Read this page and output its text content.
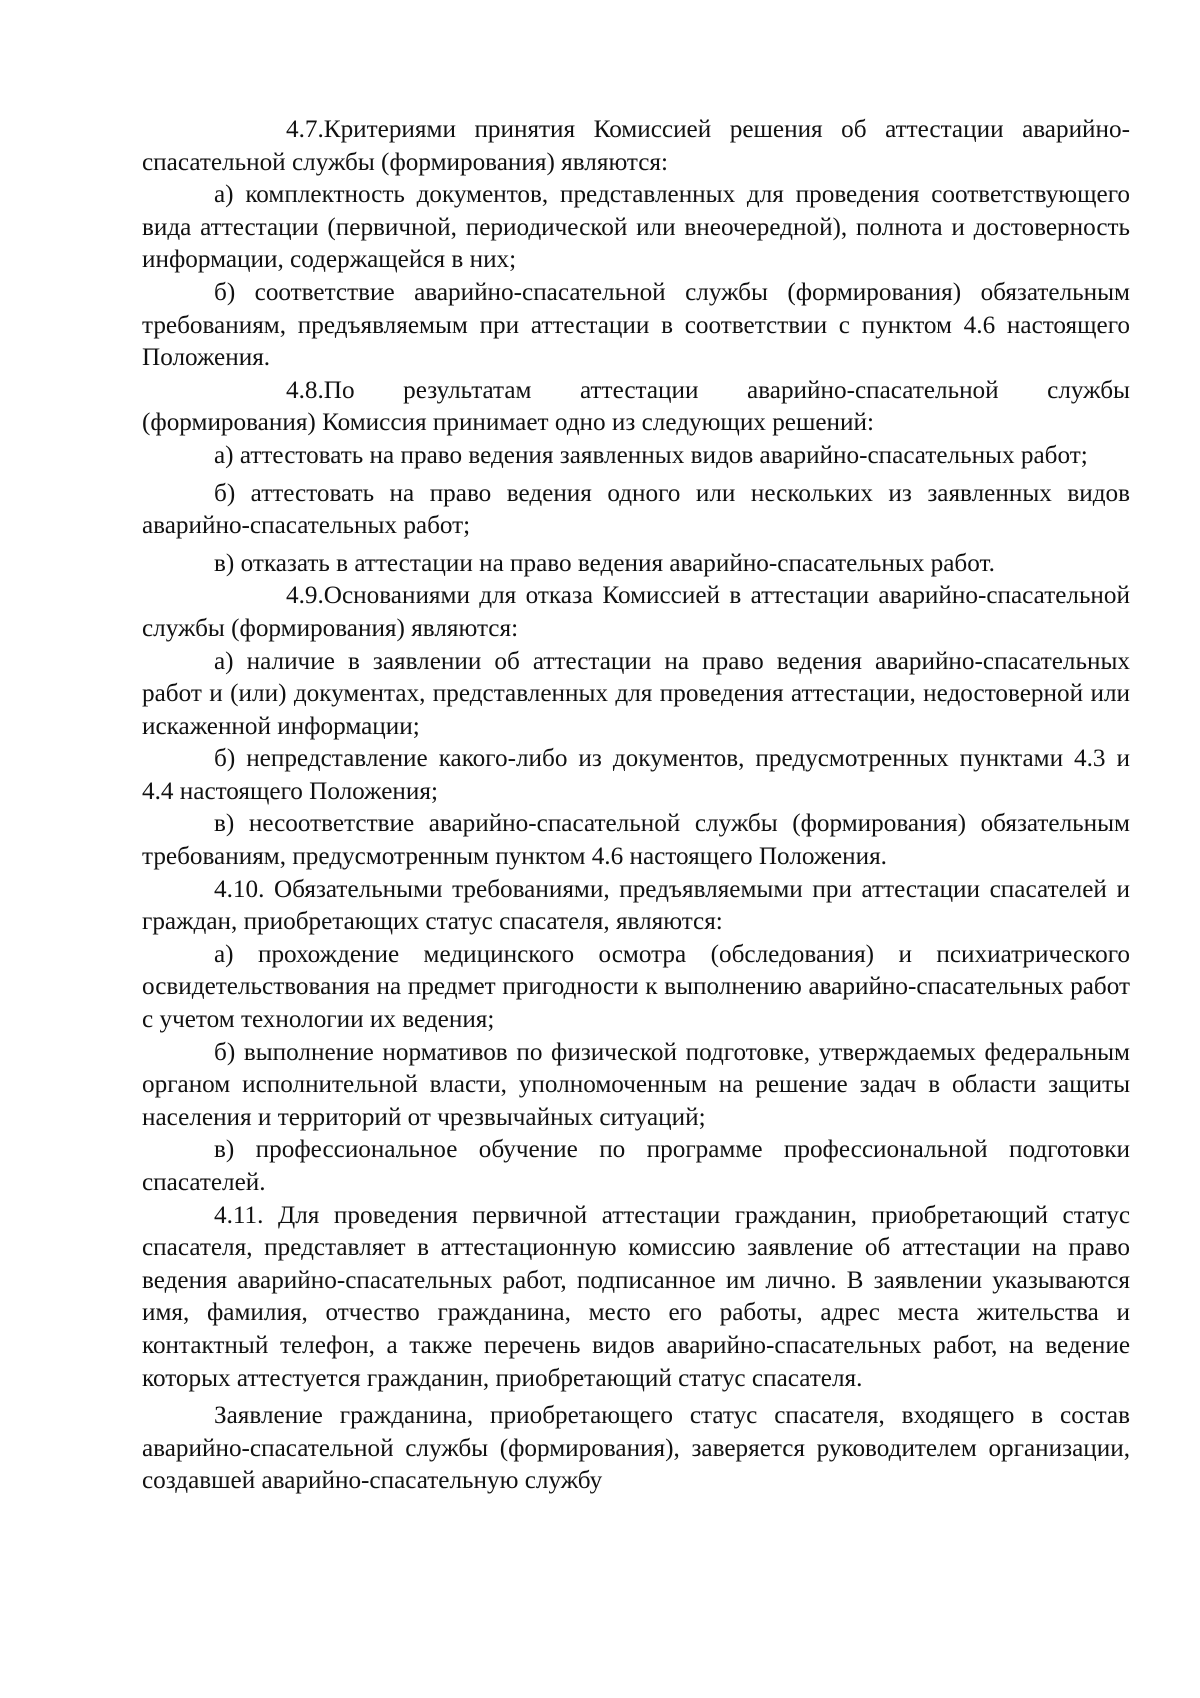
4.7.Критериями принятия Комиссией решения об аттестации аварийно-спасательной службы (формирования) являются:

а) комплектность документов, представленных для проведения соответствующего вида аттестации (первичной, периодической или внеочередной), полнота и достоверность информации, содержащейся в них;

б) соответствие аварийно-спасательной службы (формирования) обязательным требованиям, предъявляемым при аттестации в соответствии с пунктом 4.6 настоящего Положения.

4.8.По результатам аттестации аварийно-спасательной службы (формирования) Комиссия принимает одно из следующих решений:

а) аттестовать на право ведения заявленных видов аварийно-спасательных работ;

б) аттестовать на право ведения одного или нескольких из заявленных видов аварийно-спасательных работ;

в) отказать в аттестации на право ведения аварийно-спасательных работ.

4.9.Основаниями для отказа Комиссией в аттестации аварийно-спасательной службы (формирования) являются:

а) наличие в заявлении об аттестации на право ведения аварийно-спасательных работ и (или) документах, представленных для проведения аттестации, недостоверной или искаженной информации;

б) непредставление какого-либо из документов, предусмотренных пунктами 4.3 и 4.4 настоящего Положения;

в) несоответствие аварийно-спасательной службы (формирования) обязательным требованиям, предусмотренным пунктом 4.6 настоящего Положения.

4.10. Обязательными требованиями, предъявляемыми при аттестации спасателей и граждан, приобретающих статус спасателя, являются:

а) прохождение медицинского осмотра (обследования) и психиатрического освидетельствования на предмет пригодности к выполнению аварийно-спасательных работ с учетом технологии их ведения;

б) выполнение нормативов по физической подготовке, утверждаемых федеральным органом исполнительной власти, уполномоченным на решение задач в области защиты населения и территорий от чрезвычайных ситуаций;

в) профессиональное обучение по программе профессиональной подготовки спасателей.

4.11. Для проведения первичной аттестации гражданин, приобретающий статус спасателя, представляет в аттестационную комиссию заявление об аттестации на право ведения аварийно-спасательных работ, подписанное им лично. В заявлении указываются имя, фамилия, отчество гражданина, место его работы, адрес места жительства и контактный телефон, а также перечень видов аварийно-спасательных работ, на ведение которых аттестуется гражданин, приобретающий статус спасателя.

Заявление гражданина, приобретающего статус спасателя, входящего в состав аварийно-спасательной службы (формирования), заверяется руководителем организации, создавшей аварийно-спасательную службу
